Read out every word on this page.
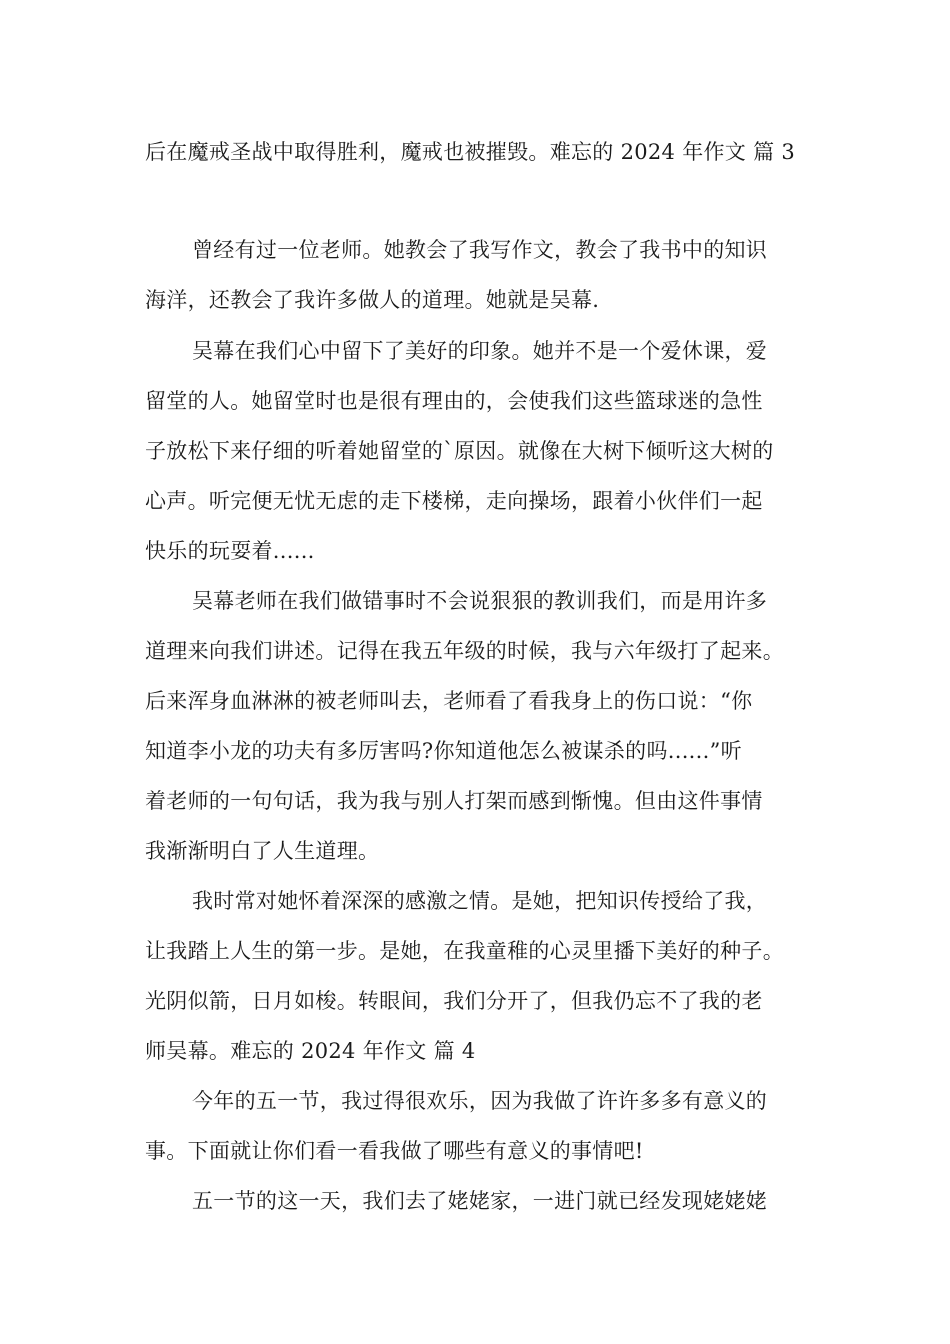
后在魔戒圣战中取得胜利，魔戒也被摧毁。难忘的 2024 年作文 篇 3
曾经有过一位老师。她教会了我写作文，教会了我书中的知识
海洋，还教会了我许多做人的道理。她就是吴幕.
吴幕在我们心中留下了美好的印象。她并不是一个爱休课，爱
留堂的人。她留堂时也是很有理由的，会使我们这些篮球迷的急性
子放松下来仔细的听着她留堂的`原因。就像在大树下倾听这大树的
心声。听完便无忧无虑的走下楼梯，走向操场，跟着小伙伴们一起
快乐的玩耍着......
吴幕老师在我们做错事时不会说狠狠的教训我们，而是用许多
道理来向我们讲述。记得在我五年级的时候，我与六年级打了起来。
后来浑身血淋淋的被老师叫去，老师看了看我身上的伤口说：“你
知道李小龙的功夫有多厉害吗?你知道他怎么被谋杀的吗......”听
着老师的一句句话，我为我与别人打架而感到惭愧。但由这件事情
我渐渐明白了人生道理。
我时常对她怀着深深的感激之情。是她，把知识传授给了我，
让我踏上人生的第一步。是她，在我童稚的心灵里播下美好的种子。
光阴似箭，日月如梭。转眼间，我们分开了，但我仍忘不了我的老
师吴幕。难忘的 2024 年作文 篇 4
今年的五一节，我过得很欢乐，因为我做了许许多多有意义的
事。下面就让你们看一看我做了哪些有意义的事情吧!
五一节的这一天，我们去了姥姥家，一进门就已经发现姥姥姥
